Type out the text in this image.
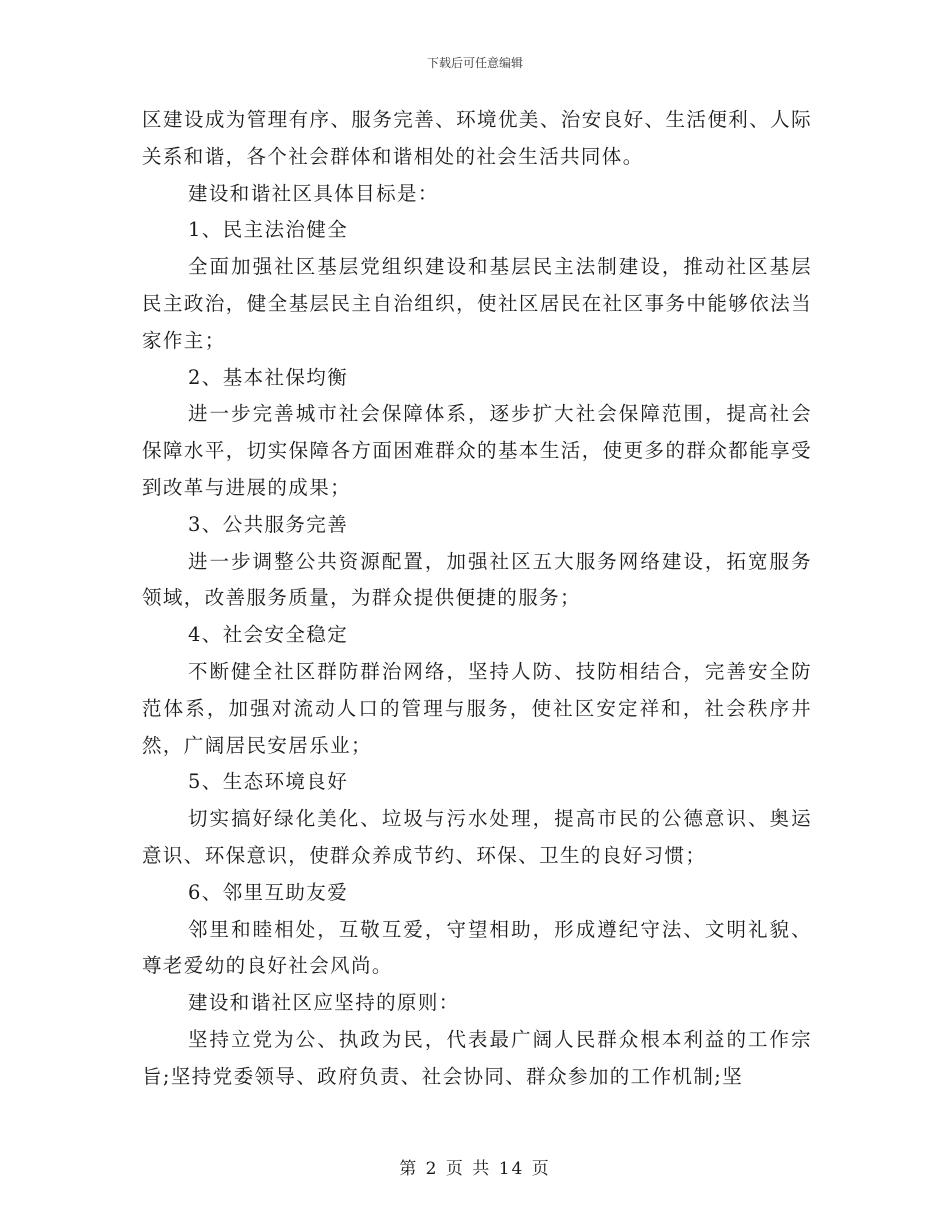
下载后可任意编辑

区建设成为管理有序、服务完善、环境优美、治安良好、生活便利、人际关系和谐，各个社会群体和谐相处的社会生活共同体。

建设和谐社区具体目标是：

1、民主法治健全

全面加强社区基层党组织建设和基层民主法制建设，推动社区基层民主政治，健全基层民主自治组织，使社区居民在社区事务中能够依法当家作主；

2、基本社保均衡

进一步完善城市社会保障体系，逐步扩大社会保障范围，提高社会保障水平，切实保障各方面困难群众的基本生活，使更多的群众都能享受到改革与进展的成果；

3、公共服务完善

进一步调整公共资源配置，加强社区五大服务网络建设，拓宽服务领域，改善服务质量，为群众提供便捷的服务；

4、社会安全稳定

不断健全社区群防群治网络，坚持人防、技防相结合，完善安全防范体系，加强对流动人口的管理与服务，使社区安定祥和，社会秩序井然，广阔居民安居乐业；

5、生态环境良好

切实搞好绿化美化、垃圾与污水处理，提高市民的公德意识、奥运意识、环保意识，使群众养成节约、环保、卫生的良好习惯；

6、邻里互助友爱

邻里和睦相处，互敬互爱，守望相助，形成遵纪守法、文明礼貌、尊老爱幼的良好社会风尚。

建设和谐社区应坚持的原则：

坚持立党为公、执政为民，代表最广阔人民群众根本利益的工作宗旨;坚持党委领导、政府负责、社会协同、群众参加的工作机制;坚

第 2 页 共 14 页
